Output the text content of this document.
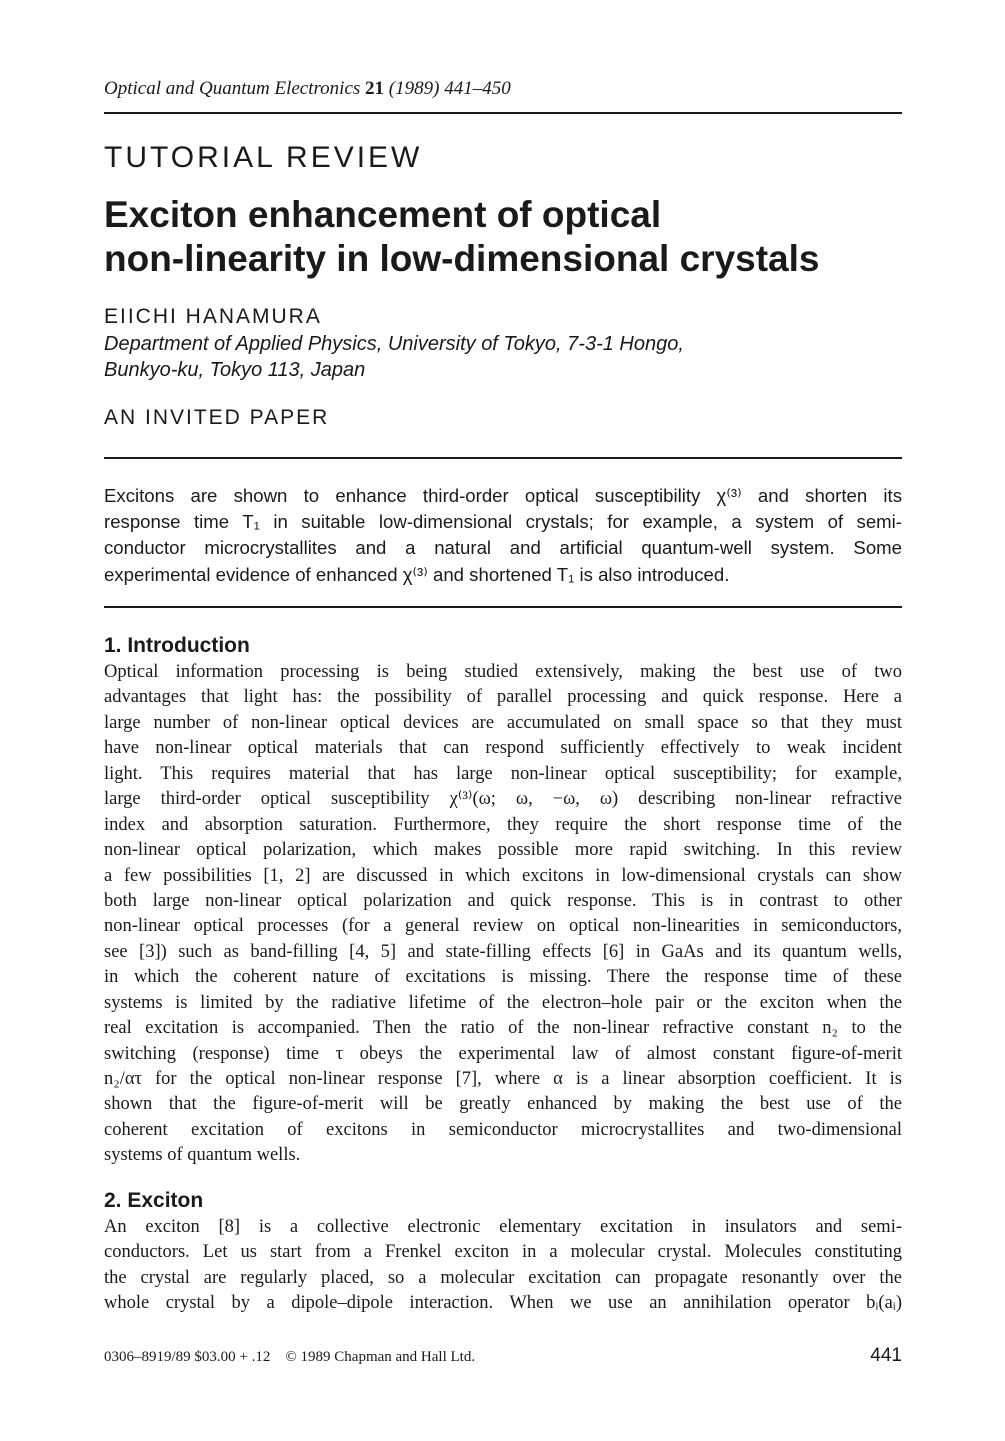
Optical and Quantum Electronics 21 (1989) 441–450
TUTORIAL REVIEW
Exciton enhancement of optical
non-linearity in low-dimensional crystals
EIICHI HANAMURA
Department of Applied Physics, University of Tokyo, 7-3-1 Hongo,
Bunkyo-ku, Tokyo 113, Japan
AN INVITED PAPER
Excitons are shown to enhance third-order optical susceptibility χ⁽³⁾ and shorten its
response time T₁ in suitable low-dimensional crystals; for example, a system of semi-
conductor microcrystallites and a natural and artificial quantum-well system. Some
experimental evidence of enhanced χ⁽³⁾ and shortened T₁ is also introduced.
1. Introduction
Optical information processing is being studied extensively, making the best use of two
advantages that light has: the possibility of parallel processing and quick response. Here a
large number of non-linear optical devices are accumulated on small space so that they must
have non-linear optical materials that can respond sufficiently effectively to weak incident
light. This requires material that has large non-linear optical susceptibility; for example,
large third-order optical susceptibility χ⁽³⁾(ω; ω, −ω, ω) describing non-linear refractive
index and absorption saturation. Furthermore, they require the short response time of the
non-linear optical polarization, which makes possible more rapid switching. In this review
a few possibilities [1, 2] are discussed in which excitons in low-dimensional crystals can show
both large non-linear optical polarization and quick response. This is in contrast to other
non-linear optical processes (for a general review on optical non-linearities in semiconductors,
see [3]) such as band-filling [4, 5] and state-filling effects [6] in GaAs and its quantum wells,
in which the coherent nature of excitations is missing. There the response time of these
systems is limited by the radiative lifetime of the electron–hole pair or the exciton when the
real excitation is accompanied. Then the ratio of the non-linear refractive constant n₂ to the
switching (response) time τ obeys the experimental law of almost constant figure-of-merit
n₂/ατ for the optical non-linear response [7], where α is a linear absorption coefficient. It is
shown that the figure-of-merit will be greatly enhanced by making the best use of the
coherent excitation of excitons in semiconductor microcrystallites and two-dimensional
systems of quantum wells.
2. Exciton
An exciton [8] is a collective electronic elementary excitation in insulators and semi-
conductors. Let us start from a Frenkel exciton in a molecular crystal. Molecules constituting
the crystal are regularly placed, so a molecular excitation can propagate resonantly over the
whole crystal by a dipole–dipole interaction. When we use an annihilation operator bᵢ(aᵢ)
0306–8919/89 $03.00 + .12 © 1989 Chapman and Hall Ltd.	441
